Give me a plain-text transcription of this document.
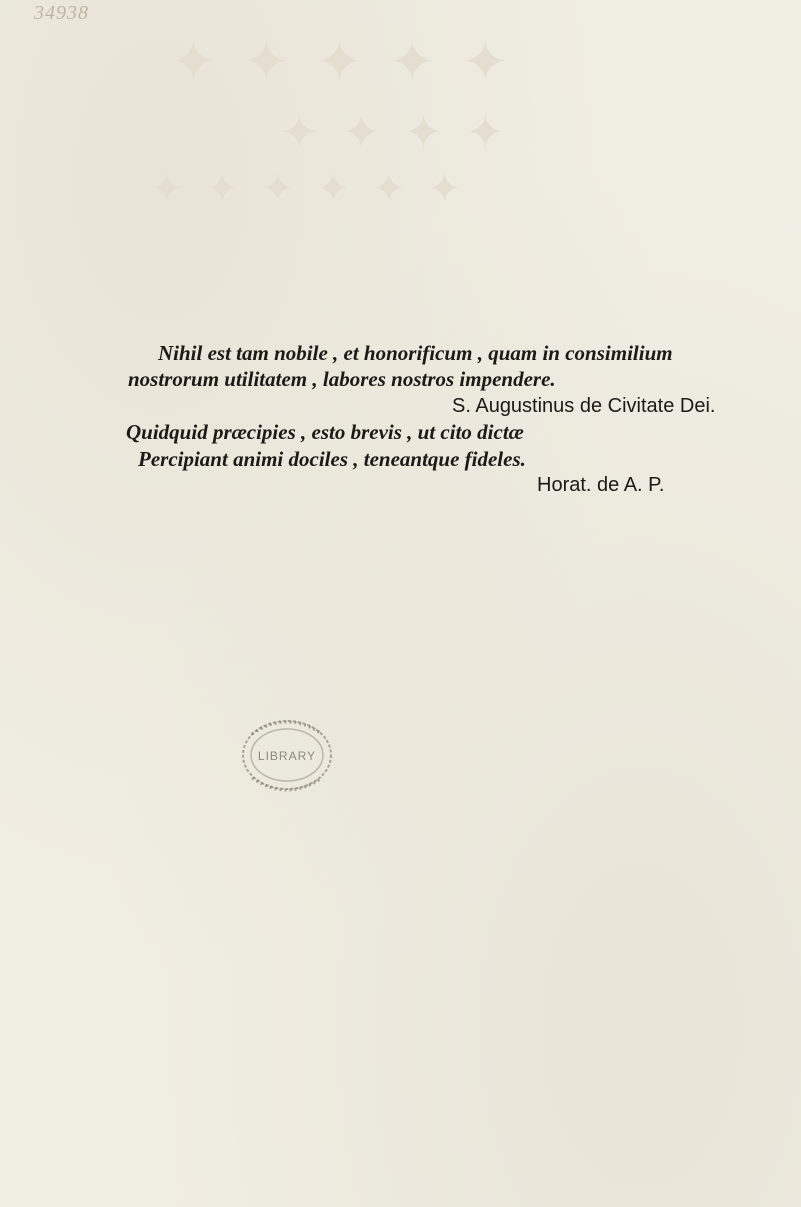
✦ ✦ ✦ ✦ ✦
✦ ✦ ✦ ✦
✦ ✦ ✦ ✦ ✦ ✦
34938
Nihil est tam nobile , et honorificum , quam in consimilium
nostrorum utilitatem , labores nostros impendere.
S. Augustinus de Civitate Dei.
Quidquid præcipies , esto brevis , ut cito dictæ
Percipiant animi dociles , teneantque fideles.
Horat. de A. P.
LIBRARY
